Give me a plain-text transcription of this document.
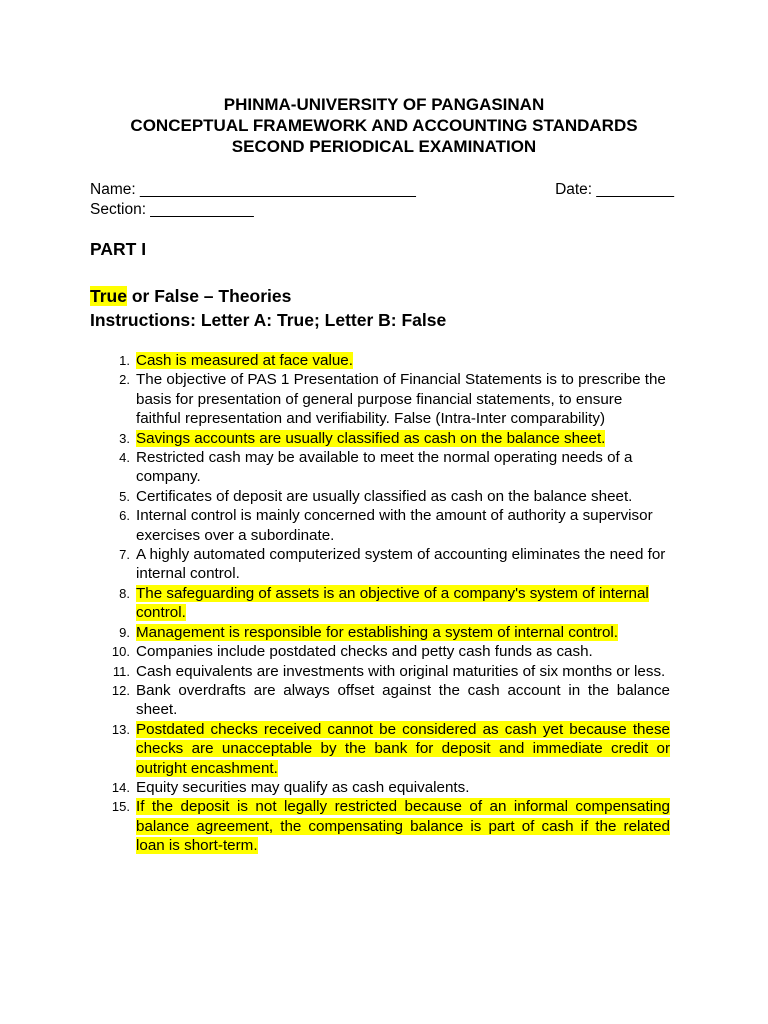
PHINMA-UNIVERSITY OF PANGASINAN
CONCEPTUAL FRAMEWORK AND ACCOUNTING STANDARDS
SECOND PERIODICAL EXAMINATION
Name: ________________________________	Date: _________
Section: ____________
PART I
True or False – Theories
Instructions: Letter A: True; Letter B: False
1. Cash is measured at face value.
2. The objective of PAS 1 Presentation of Financial Statements is to prescribe the basis for presentation of general purpose financial statements, to ensure faithful representation and verifiability. False (Intra-Inter comparability)
3. Savings accounts are usually classified as cash on the balance sheet.
4. Restricted cash may be available to meet the normal operating needs of a company.
5. Certificates of deposit are usually classified as cash on the balance sheet.
6. Internal control is mainly concerned with the amount of authority a supervisor exercises over a subordinate.
7. A highly automated computerized system of accounting eliminates the need for internal control.
8. The safeguarding of assets is an objective of a company's system of internal control.
9. Management is responsible for establishing a system of internal control.
10. Companies include postdated checks and petty cash funds as cash.
11. Cash equivalents are investments with original maturities of six months or less.
12. Bank overdrafts are always offset against the cash account in the balance sheet.
13. Postdated checks received cannot be considered as cash yet because these checks are unacceptable by the bank for deposit and immediate credit or outright encashment.
14. Equity securities may qualify as cash equivalents.
15. If the deposit is not legally restricted because of an informal compensating balance agreement, the compensating balance is part of cash if the related loan is short-term.
